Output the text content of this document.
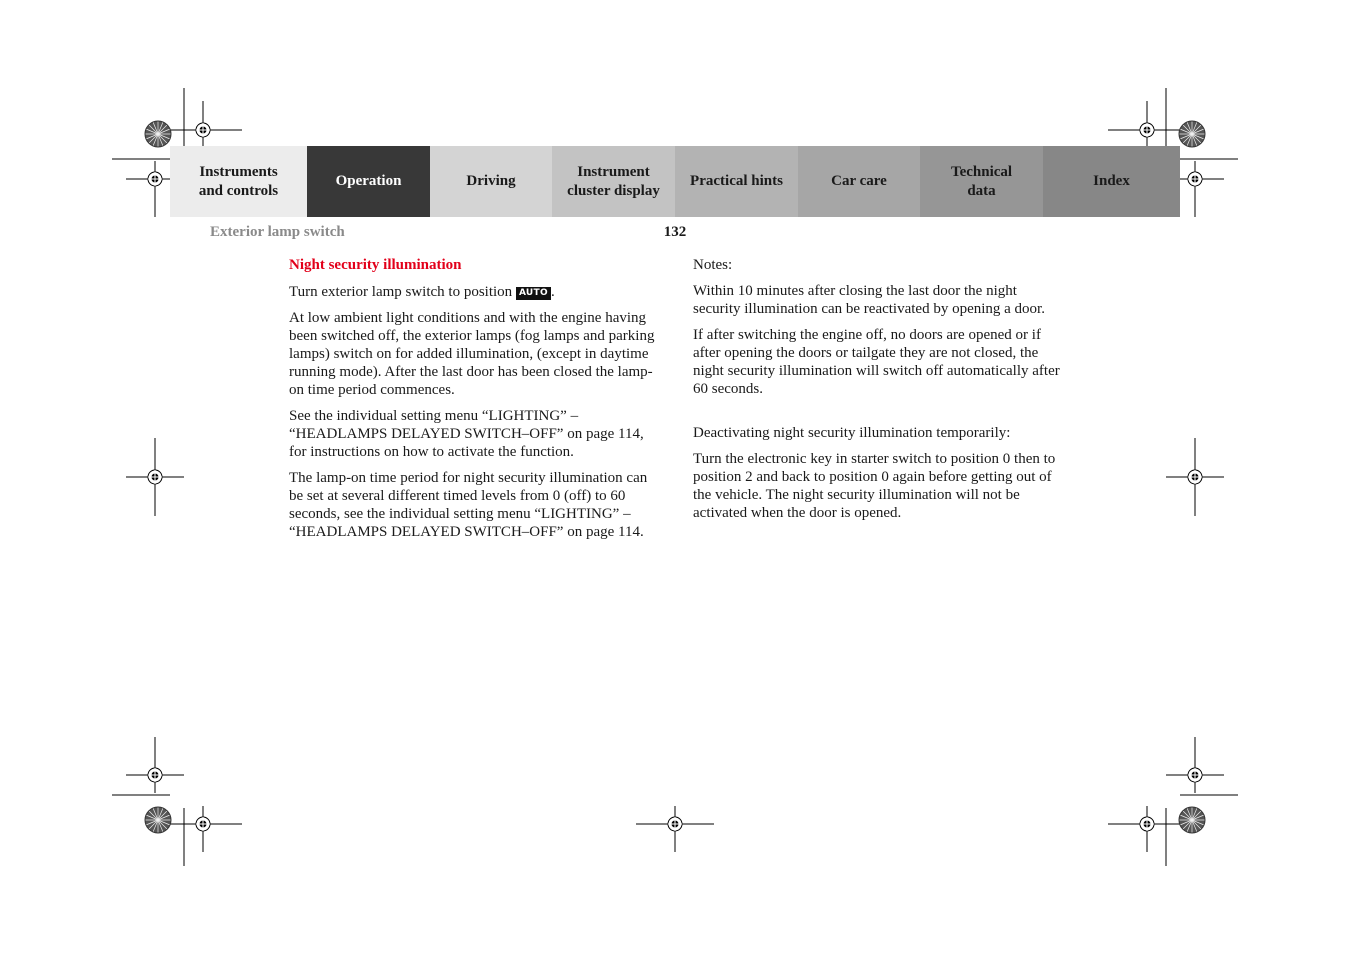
Instruments
and controls
Operation	Driving
Instrument
cluster display
Practical hints	Car care
Technical
data
Index
Exterior lamp switch	132

Night security illumination

Turn exterior lamp switch to position AUTO .

At low ambient light conditions and with the engine having been switched off, the exterior lamps (fog lamps and parking lamps) switch on for added illumination, (except in daytime running mode). After the last door has been closed the lamp-on time period commences.

See the individual setting menu “LIGHTING” – “HEADLAMPS DELAYED SWITCH–OFF” on page 114, for instructions on how to activate the function.

The lamp-on time period for night security illumination can be set at several different timed levels from 0 (off) to 60 seconds, see the individual setting menu “LIGHTING” – “HEADLAMPS DELAYED SWITCH–OFF” on page 114.

Notes:

Within 10 minutes after closing the last door the night security illumination can be reactivated by opening a door.

If after switching the engine off, no doors are opened or if after opening the doors or tailgate they are not closed, the night security illumination will switch off automatically after 60 seconds.

Deactivating night security illumination temporarily:

Turn the electronic key in starter switch to position 0 then to position 2 and back to position 0 again before getting out of the vehicle. The night security illumination will not be activated when the door is opened.
